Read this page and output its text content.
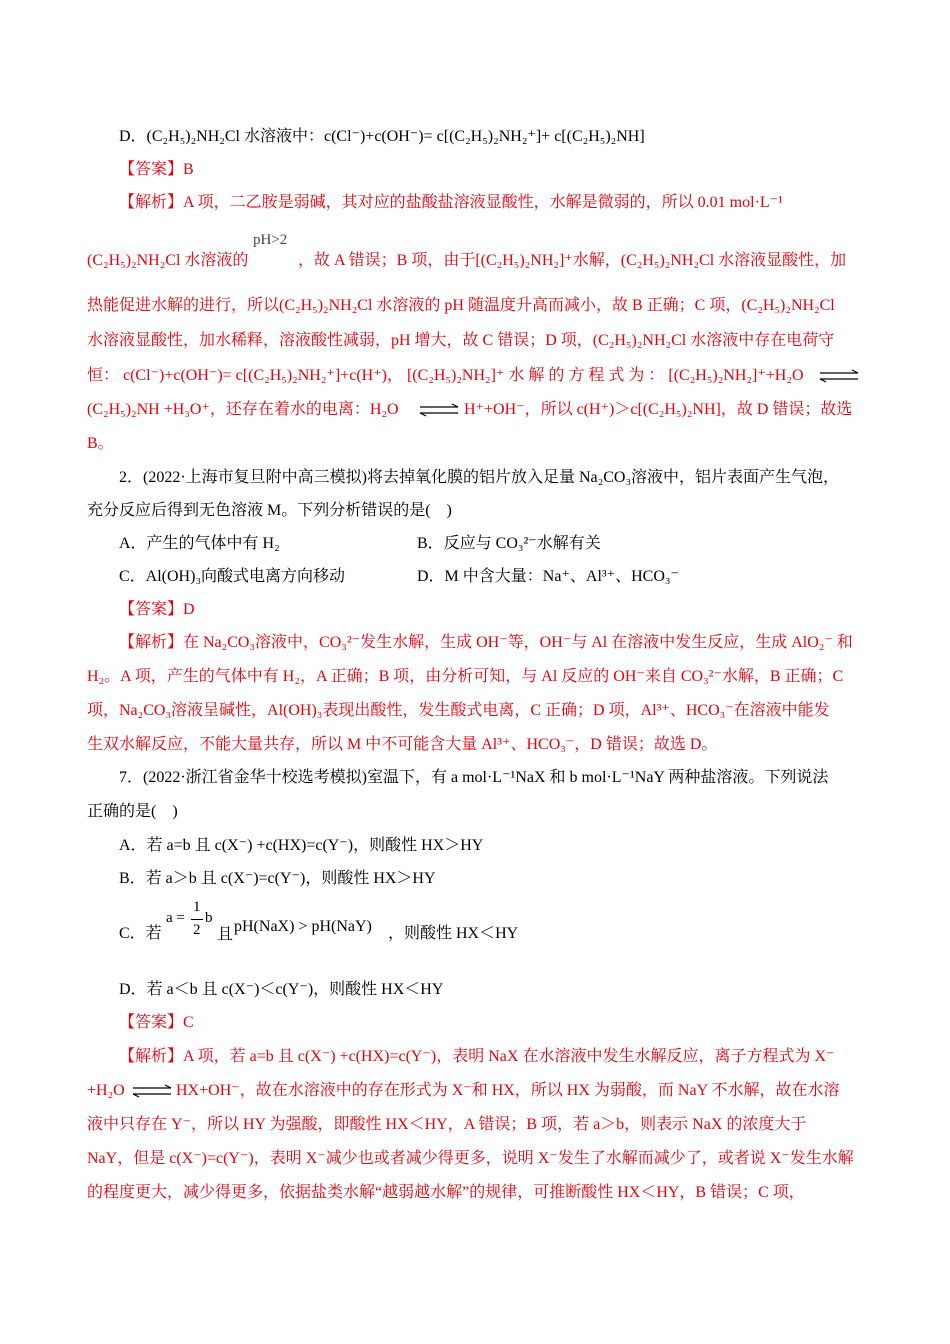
D．(C₂H₅)₂NH₂Cl 水溶液中：c(Cl⁻)+c(OH⁻)= c[(C₂H₅)₂NH₂⁺]+ c[(C₂H₅)₂NH]
【答案】B
【解析】A 项，二乙胺是弱碱，其对应的盐酸盐溶液显酸性，水解是微弱的，所以 0.01 mol·L⁻¹
(C₂H₅)₂NH₂Cl 水溶液的
pH>2
，故 A 错误；B 项，由于[(C₂H₅)₂NH₂]⁺水解，(C₂H₅)₂NH₂Cl 水溶液显酸性，加
热能促进水解的进行，所以(C₂H₅)₂NH₂Cl 水溶液的 pH 随温度升高而减小，故 B 正确；C 项，(C₂H₅)₂NH₂Cl
水溶液显酸性，加水稀释，溶液酸性减弱，pH 增大，故 C 错误；D 项，(C₂H₅)₂NH₂Cl 水溶液中存在电荷守
恒： c(Cl⁻)+c(OH⁻)= c[(C₂H₅)₂NH₂⁺]+c(H⁺)， [(C₂H₅)₂NH₂]⁺ 水 解 的 方 程 式 为 ： [(C₂H₅)₂NH₂]⁺+H₂O ⇌
(C₂H₅)₂NH +H₃O⁺，还存在着水的电离：H₂O ⇌ H⁺+OH⁻，所以 c(H⁺)＞c[(C₂H₅)₂NH]，故 D 错误；故选
B。
2．(2022·上海市复旦附中高三模拟)将去掉氧化膜的铝片放入足量 Na₂CO₃溶液中，铝片表面产生气泡，
充分反应后得到无色溶液 M。下列分析错误的是(　)
A．产生的气体中有 H₂	B．反应与 CO₃²⁻水解有关
C．Al(OH)₃向酸式电离方向移动	D．M 中含大量：Na⁺、Al³⁺、HCO₃⁻
【答案】D
【解析】在 Na₂CO₃溶液中，CO₃²⁻发生水解，生成 OH⁻等，OH⁻与 Al 在溶液中发生反应，生成 AlO₂⁻ 和
H₂。A 项，产生的气体中有 H₂，A 正确；B 项，由分析可知，与 Al 反应的 OH⁻来自 CO₃²⁻水解，B 正确；C
项，Na₂CO₃溶液呈碱性，Al(OH)₃表现出酸性，发生酸式电离，C 正确；D 项，Al³⁺、HCO₃⁻在溶液中能发
生双水解反应，不能大量共存，所以 M 中不可能含大量 Al³⁺、HCO₃⁻，D 错误；故选 D。
7．(2022·浙江省金华十校选考模拟)室温下，有 a mol·L⁻¹NaX 和 b mol·L⁻¹NaY 两种盐溶液。下列说法
正确的是(　)
A．若 a=b 且 c(X⁻) +c(HX)=c(Y⁻)，则酸性 HX＞HY
B．若 a＞b 且 c(X⁻)=c(Y⁻)，则酸性 HX＞HY
C．若
a =
1
2
b
且 pH(NaX) > pH(NaY) ，则酸性 HX＜HY
D．若 a＜b 且 c(X⁻)＜c(Y⁻)，则酸性 HX＜HY
【答案】C
【解析】A 项，若 a=b 且 c(X⁻) +c(HX)=c(Y⁻)，表明 NaX 在水溶液中发生水解反应，离子方程式为 X⁻
+H₂O ⇌ HX+OH⁻，故在水溶液中的存在形式为 X⁻和 HX，所以 HX 为弱酸，而 NaY 不水解，故在水溶
液中只存在 Y⁻，所以 HY 为强酸，即酸性 HX＜HY，A 错误；B 项，若 a＞b，则表示 NaX 的浓度大于
NaY，但是 c(X⁻)=c(Y⁻)，表明 X⁻减少也或者减少得更多，说明 X⁻发生了水解而减少了，或者说 X⁻发生水解
的程度更大，减少得更多，依据盐类水解“越弱越水解”的规律，可推断酸性 HX＜HY，B 错误；C 项，
